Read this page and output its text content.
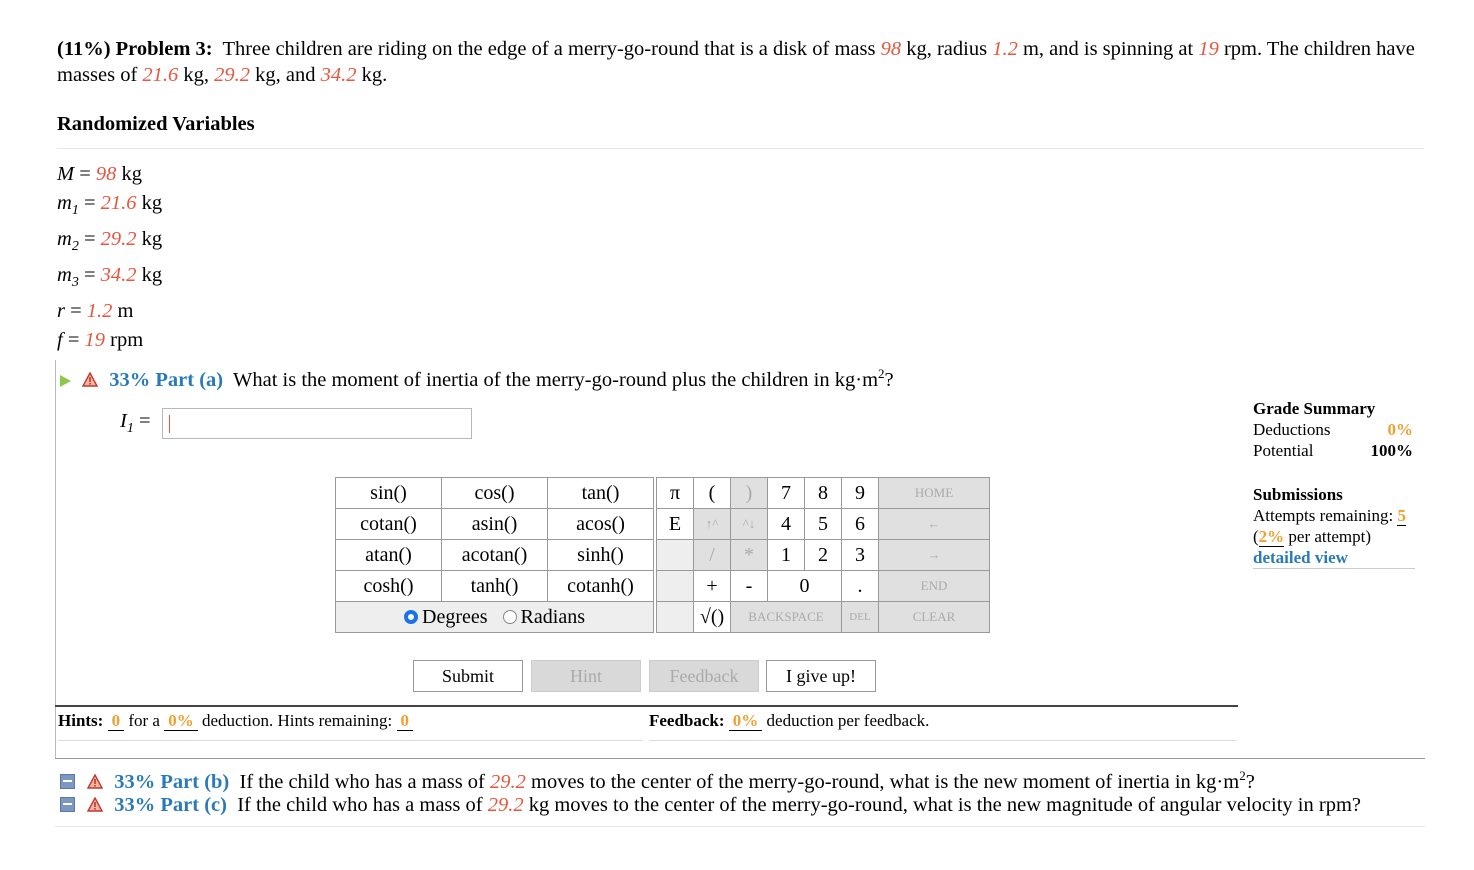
(11%) Problem 3: Three children are riding on the edge of a merry-go-round that is a disk of mass 98 kg, radius 1.2 m, and is spinning at 19 rpm. The children have masses of 21.6 kg, 29.2 kg, and 34.2 kg.
Randomized Variables
M = 98 kg
$m_1 = 21.6$ kg
$m_2 = 29.2$ kg
$m_3 = 34.2$ kg
r = 1.2 m
f = 19 rpm
33% Part (a) What is the moment of inertia of the merry-go-round plus the children in $kg\cdot m^2$?
$I_1$ =
sin()	cos()	tan()
cotan()	asin()	acos()
atan()	acotan()	sinh()
cosh()	tanh()	cotanh()
Degrees Radians		
π	(	)	7	8	9	HOME
E	↑^	^↓	4	5	6	←
	/	*	1	2	3	→
	+	-	0		.	END
	√()	BACKSPACE			DEL	CLEAR
Submit	Hint	Feedback	I give up!
Hints: 0 for a 0% deduction. Hints remaining: 0	Feedback: 0% deduction per feedback.
33% Part (b) If the child who has a mass of 29.2 moves to the center of the merry-go-round, what is the new moment of inertia in $kg\cdot m^2$?
33% Part (c) If the child who has a mass of 29.2 kg moves to the center of the merry-go-round, what is the new magnitude of angular velocity in rpm?
Grade Summary
Deductions	0%
Potential	100%
Submissions
Attempts remaining: 5
(2% per attempt)
detailed view
